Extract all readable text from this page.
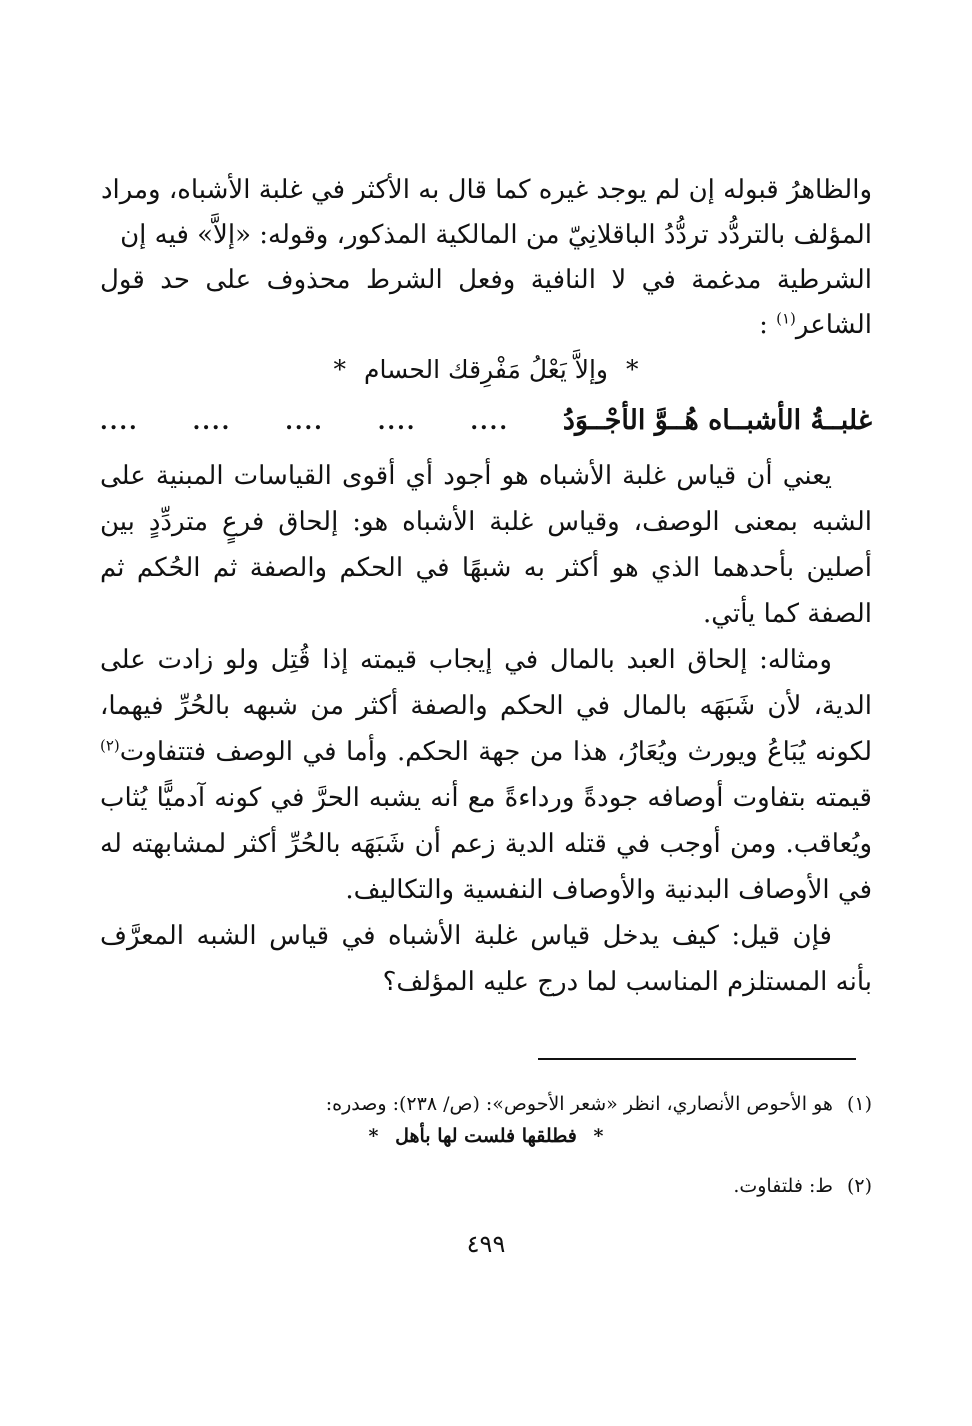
والظاهرُ قبوله إن لم يوجد غيره كما قال به الأكثر في غلبة الأشباه، ومراد

المؤلف بالتردُّد تردُّدُ الباقلانِيّ من المالكية المذكور، وقوله: «إلاَّ» فيه إن

الشرطية مدغمة في لا النافية وفعل الشرط محذوف على حد قول الشاعر$^{(١)}$ :

* وإلاَّ يَعْلُ مَفْرِقك الحسام *

غلبــةُ الأشبــاه هُــوَّ الأجْــوَدُ
....
....
....
....
....

يعني أن قياس غلبة الأشباه هو أجود أي أقوى القياسات المبنية على الشبه بمعنى الوصف، وقياس غلبة الأشباه هو: إلحاق فرعٍ متردِّدٍ بين أصلين بأحدهما الذي هو أكثر به شبهًا في الحكم والصفة ثم الحُكم ثم الصفة كما يأتي.

ومثاله: إلحاق العبد بالمال في إيجاب قيمته إذا قُتِل ولو زادت على الدية، لأن شَبَهَه بالمال في الحكم والصفة أكثر من شبهه بالحُرِّ فيهما، لكونه يُبَاعُ ويورث ويُعَارُ، هذا من جهة الحكم. وأما في الوصف فتتفاوت$^{(٢)}$ قيمته بتفاوت أوصافه جودةً ورداءةً مع أنه يشبه الحرَّ في كونه آدميًّا يُثاب ويُعاقب. ومن أوجب في قتله الدية زعم أن شَبَهَه بالحُرِّ أكثر لمشابهته له في الأوصاف البدنية والأوصاف النفسية والتكاليف.

فإن قيل: كيف يدخل قياس غلبة الأشباه في قياس الشبه المعرَّف بأنه المستلزم المناسب لما درج عليه المؤلف؟

(١)هو الأحوص الأنصاري، انظر «شعر الأحوص»: (ص/ ٢٣٨): وصدره:

* فطلقها فلست لها بأهل *

(٢)ط: فلتفاوت.

٤٩٩
